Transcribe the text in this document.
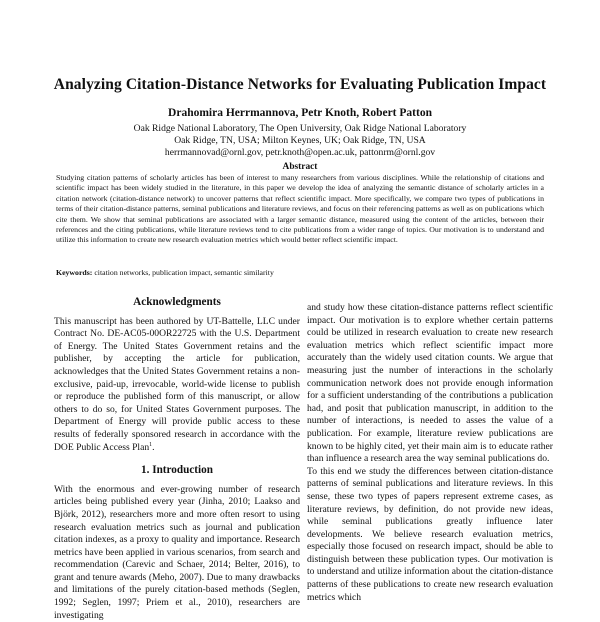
Analyzing Citation-Distance Networks for Evaluating Publication Impact
Drahomira Herrmannova, Petr Knoth, Robert Patton
Oak Ridge National Laboratory, The Open University, Oak Ridge National Laboratory
Oak Ridge, TN, USA; Milton Keynes, UK; Oak Ridge, TN, USA
herrmannovad@ornl.gov, petr.knoth@open.ac.uk, pattonrm@ornl.gov
Abstract
Studying citation patterns of scholarly articles has been of interest to many researchers from various disciplines. While the relationship of citations and scientific impact has been widely studied in the literature, in this paper we develop the idea of analyzing the semantic distance of scholarly articles in a citation network (citation-distance network) to uncover patterns that reflect scientific impact. More specifically, we compare two types of publications in terms of their citation-distance patterns, seminal publications and literature reviews, and focus on their referencing patterns as well as on publications which cite them. We show that seminal publications are associated with a larger semantic distance, measured using the content of the articles, between their references and the citing publications, while literature reviews tend to cite publications from a wider range of topics. Our motivation is to understand and utilize this information to create new research evaluation metrics which would better reflect scientific impact.
Keywords: citation networks, publication impact, semantic similarity
Acknowledgments

This manuscript has been authored by UT-Battelle, LLC under Contract No. DE-AC05-00OR22725 with the U.S. Department of Energy. The United States Government retains and the publisher, by accepting the article for publication, acknowledges that the United States Government retains a non-exclusive, paid-up, irrevocable, world-wide license to publish or reproduce the published form of this manuscript, or allow others to do so, for United States Government purposes. The Department of Energy will provide public access to these results of federally sponsored research in accordance with the DOE Public Access Plan$^1$.

1. Introduction

With the enormous and ever-growing number of research articles being published every year (Jinha, 2010; Laakso and Björk, 2012), researchers more and more often resort to using research evaluation metrics such as journal and publication citation indexes, as a proxy to quality and importance. Research metrics have been applied in various scenarios, from search and recommendation (Carevic and Schaer, 2014; Belter, 2016), to grant and tenure awards (Meho, 2007). Due to many drawbacks and limitations of the purely citation-based methods (Seglen, 1992; Seglen, 1997; Priem et al., 2010), researchers are investigating

and study how these citation-distance patterns reflect scientific impact. Our motivation is to explore whether certain patterns could be utilized in research evaluation to create new research evaluation metrics which reflect scientific impact more accurately than the widely used citation counts. We argue that measuring just the number of interactions in the scholarly communication network does not provide enough information for a sufficient understanding of the contributions a publication had, and posit that publication manuscript, in addition to the number of interactions, is needed to asses the value of a publication. For example, literature review publications are known to be highly cited, yet their main aim is to educate rather than influence a research area the way seminal publications do.

To this end we study the differences between citation-distance patterns of seminal publications and literature reviews. In this sense, these two types of papers represent extreme cases, as literature reviews, by definition, do not provide new ideas, while seminal publications greatly influence later developments. We believe research evaluation metrics, especially those focused on research impact, should be able to distinguish between these publication types. Our motivation is to understand and utilize information about the citation-distance patterns of these publications to create new research evaluation metrics which
